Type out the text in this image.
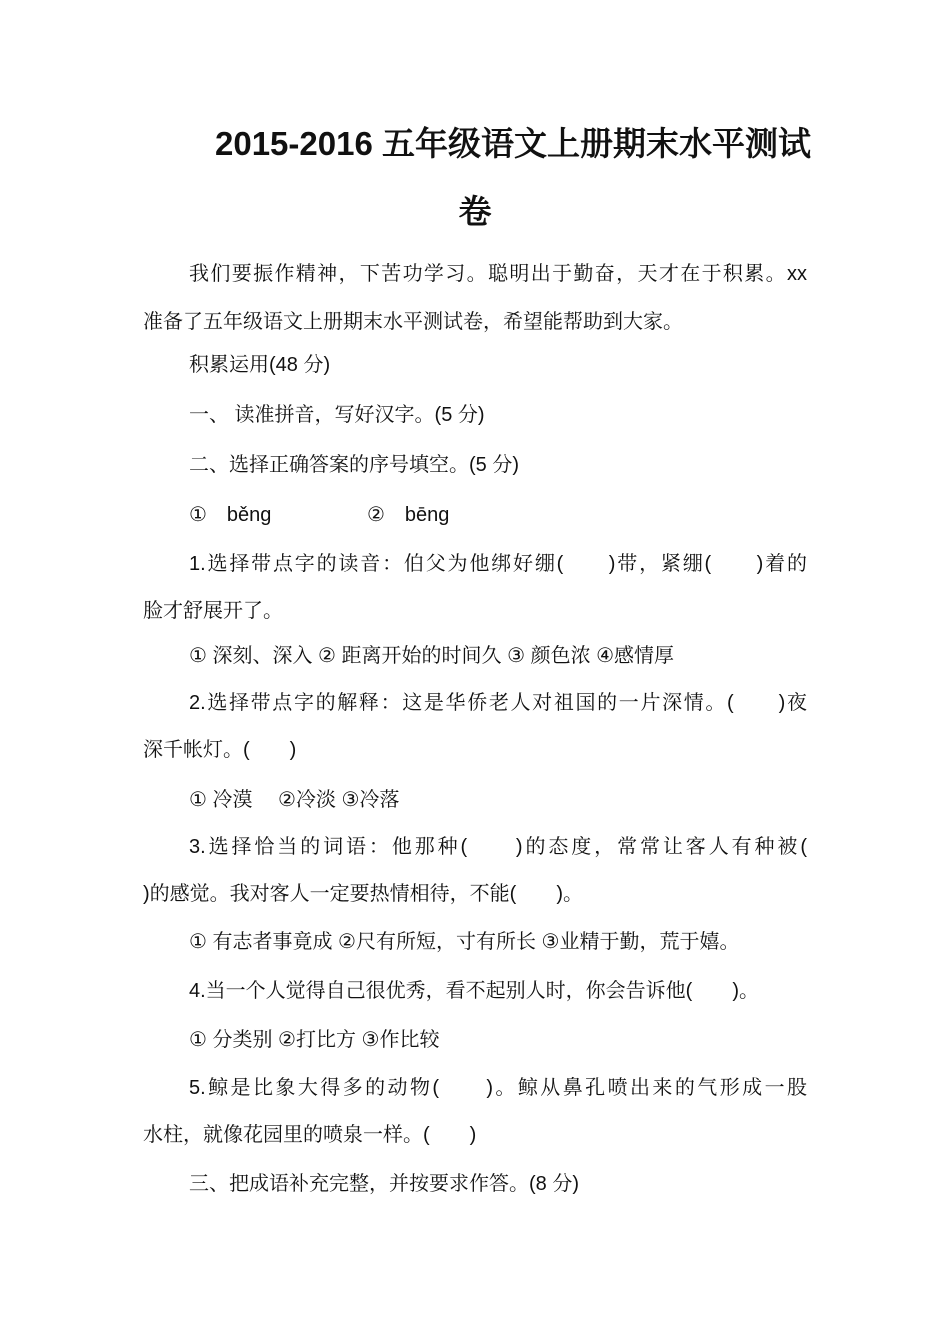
2015-2016 五年级语文上册期末水平测试
卷
我们要振作精神，下苦功学习。聪明出于勤奋，天才在于积累。xx
准备了五年级语文上册期末水平测试卷，希望能帮助到大家。
积累运用(48 分)
一、 读准拼音，写好汉字。(5 分)
二、选择正确答案的序号填空。(5 分)
①　běng	②　bēng
1.选择带点字的读音：伯父为他绑好绷(　　)带，紧绷(　　)着的
脸才舒展开了。
① 深刻、深入 ② 距离开始的时间久 ③ 颜色浓 ④感情厚
2.选择带点字的解释：这是华侨老人对祖国的一片深情。(　　)夜
深千帐灯。(　　)
① 冷漠　 ②冷淡 ③冷落
3.选择恰当的词语：他那种(　　)的态度，常常让客人有种被(
)的感觉。我对客人一定要热情相待，不能(　　)。
① 有志者事竟成 ②尺有所短，寸有所长 ③业精于勤，荒于嬉。
4.当一个人觉得自己很优秀，看不起别人时，你会告诉他(　　)。
① 分类别 ②打比方 ③作比较
5.鲸是比象大得多的动物(　　)。鲸从鼻孔喷出来的气形成一股
水柱，就像花园里的喷泉一样。(　　)
三、把成语补充完整，并按要求作答。(8 分)
